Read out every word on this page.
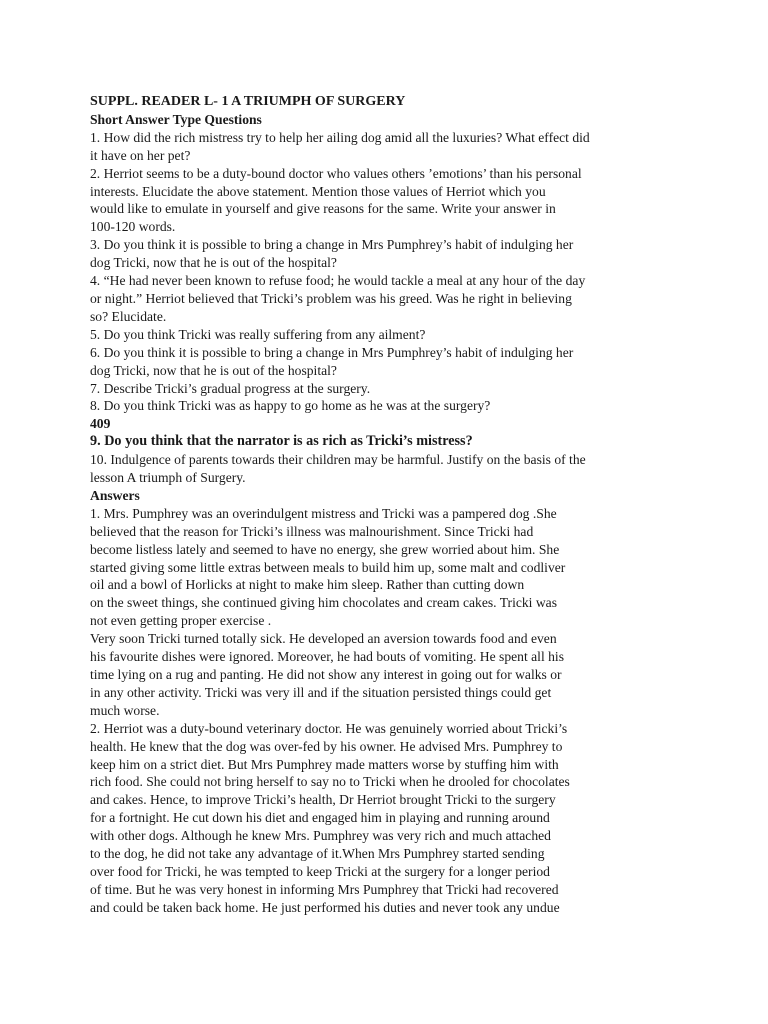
SUPPL. READER L- 1 A TRIUMPH OF SURGERY
Short Answer Type Questions
1. How did the rich mistress try to help her ailing dog amid all the luxuries? What effect did
it have on her pet?
2. Herriot seems to be a duty-bound doctor who values others ’emotions’ than his personal
interests. Elucidate the above statement. Mention those values of Herriot which you
would like to emulate in yourself and give reasons for the same. Write your answer in
100-120 words.
3. Do you think it is possible to bring a change in Mrs Pumphrey’s habit of indulging her
dog Tricki, now that he is out of the hospital?
4. “He had never been known to refuse food; he would tackle a meal at any hour of the day
or night.” Herriot believed that Tricki’s problem was his greed. Was he right in believing
so? Elucidate.
5. Do you think Tricki was really suffering from any ailment?
6. Do you think it is possible to bring a change in Mrs Pumphrey’s habit of indulging her
dog Tricki, now that he is out of the hospital?
7. Describe Tricki’s gradual progress at the surgery.
8. Do you think Tricki was as happy to go home as he was at the surgery?
409
9. Do you think that the narrator is as rich as Tricki’s mistress?
10. Indulgence of parents towards their children may be harmful. Justify on the basis of the
lesson A triumph of Surgery.
Answers
1. Mrs. Pumphrey was an overindulgent mistress and Tricki was a pampered dog .She
believed that the reason for Tricki’s illness was malnourishment. Since Tricki had
become listless lately and seemed to have no energy, she grew worried about him. She
started giving some little extras between meals to build him up, some malt and codliver
oil and a bowl of Horlicks at night to make him sleep. Rather than cutting down
on the sweet things, she continued giving him chocolates and cream cakes. Tricki was
not even getting proper exercise .
Very soon Tricki turned totally sick. He developed an aversion towards food and even
his favourite dishes were ignored. Moreover, he had bouts of vomiting. He spent all his
time lying on a rug and panting. He did not show any interest in going out for walks or
in any other activity. Tricki was very ill and if the situation persisted things could get
much worse.
2. Herriot was a duty-bound veterinary doctor. He was genuinely worried about Tricki’s
health. He knew that the dog was over-fed by his owner. He advised Mrs. Pumphrey to
keep him on a strict diet. But Mrs Pumphrey made matters worse by stuffing him with
rich food. She could not bring herself to say no to Tricki when he drooled for chocolates
and cakes. Hence, to improve Tricki’s health, Dr Herriot brought Tricki to the surgery
for a fortnight. He cut down his diet and engaged him in playing and running around
with other dogs. Although he knew Mrs. Pumphrey was very rich and much attached
to the dog, he did not take any advantage of it.When Mrs Pumphrey started sending
over food for Tricki, he was tempted to keep Tricki at the surgery for a longer period
of time. But he was very honest in informing Mrs Pumphrey that Tricki had recovered
and could be taken back home. He just performed his duties and never took any undue
